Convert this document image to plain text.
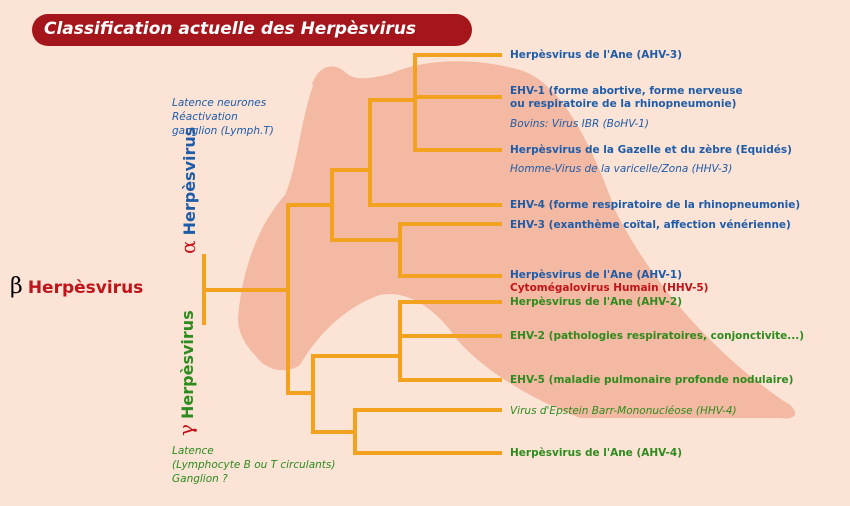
Classification actuelle des Herpèsvirus
α Herpèsvirus
γ Herpèsvirus
β Herpèsvirus
Latence neurones
Réactivation
ganglion (Lymph.T)
Latence
(Lymphocyte B ou T circulants)
Ganglion ?
Herpèsvirus de l'Ane (AHV-3)
EHV-1 (forme abortive, forme nerveuse
ou respiratoire de la rhinopneumonie)
Bovins: Virus IBR (BoHV-1)
Herpèsvirus de la Gazelle et du zèbre (Equidés)
Homme-Virus de la varicelle/Zona (HHV-3)
EHV-4 (forme respiratoire de la rhinopneumonie)
EHV-3 (exanthème coïtal, affection vénérienne)
Herpèsvirus de l'Ane (AHV-1)
Cytomégalovirus Humain (HHV-5)
Herpèsvirus de l'Ane (AHV-2)
EHV-2 (pathologies respiratoires, conjonctivite...)
EHV-5 (maladie pulmonaire profonde nodulaire)
Virus d'Epstein Barr-Mononucléose (HHV-4)
Herpèsvirus de l'Ane (AHV-4)
